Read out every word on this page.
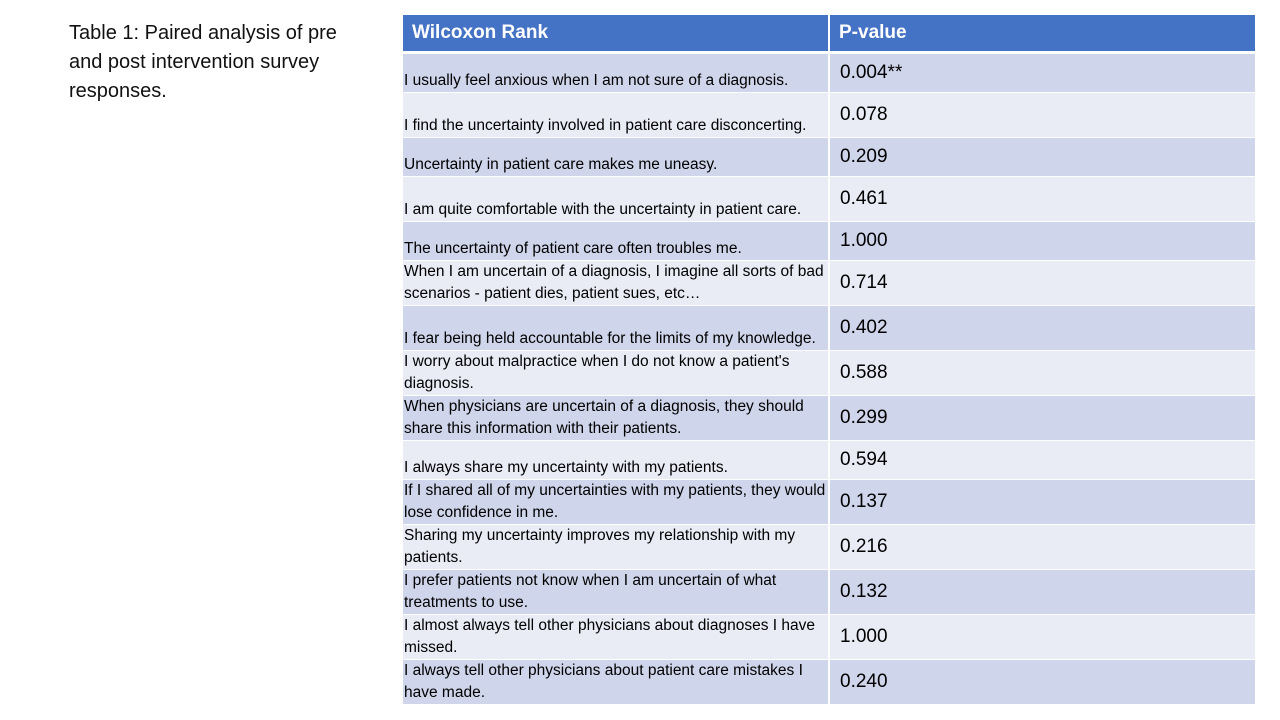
Table 1: Paired analysis of pre and post intervention survey responses.
Wilcoxon Rank	P-value

I usually feel anxious when I am not sure of a diagnosis.	0.004**

I find the uncertainty involved in patient care disconcerting.	0.078

Uncertainty in patient care makes me uneasy.	0.209

I am quite comfortable with the uncertainty in patient care.	0.461

The uncertainty of patient care often troubles me.	1.000

When I am uncertain of a diagnosis, I imagine all sorts of bad scenarios - patient dies, patient sues, etc…	0.714

I fear being held accountable for the limits of my knowledge.	0.402

I worry about malpractice when I do not know a patient's diagnosis.	0.588

When physicians are uncertain of a diagnosis, they should share this information with their patients.	0.299

I always share my uncertainty with my patients.	0.594

If I shared all of my uncertainties with my patients, they would lose confidence in me.	0.137

Sharing my uncertainty improves my relationship with my patients.	0.216

I prefer patients not know when I am uncertain of what treatments to use.	0.132

I almost always tell other physicians about diagnoses I have missed.	1.000

I always tell other physicians about patient care mistakes I have made.	0.240
